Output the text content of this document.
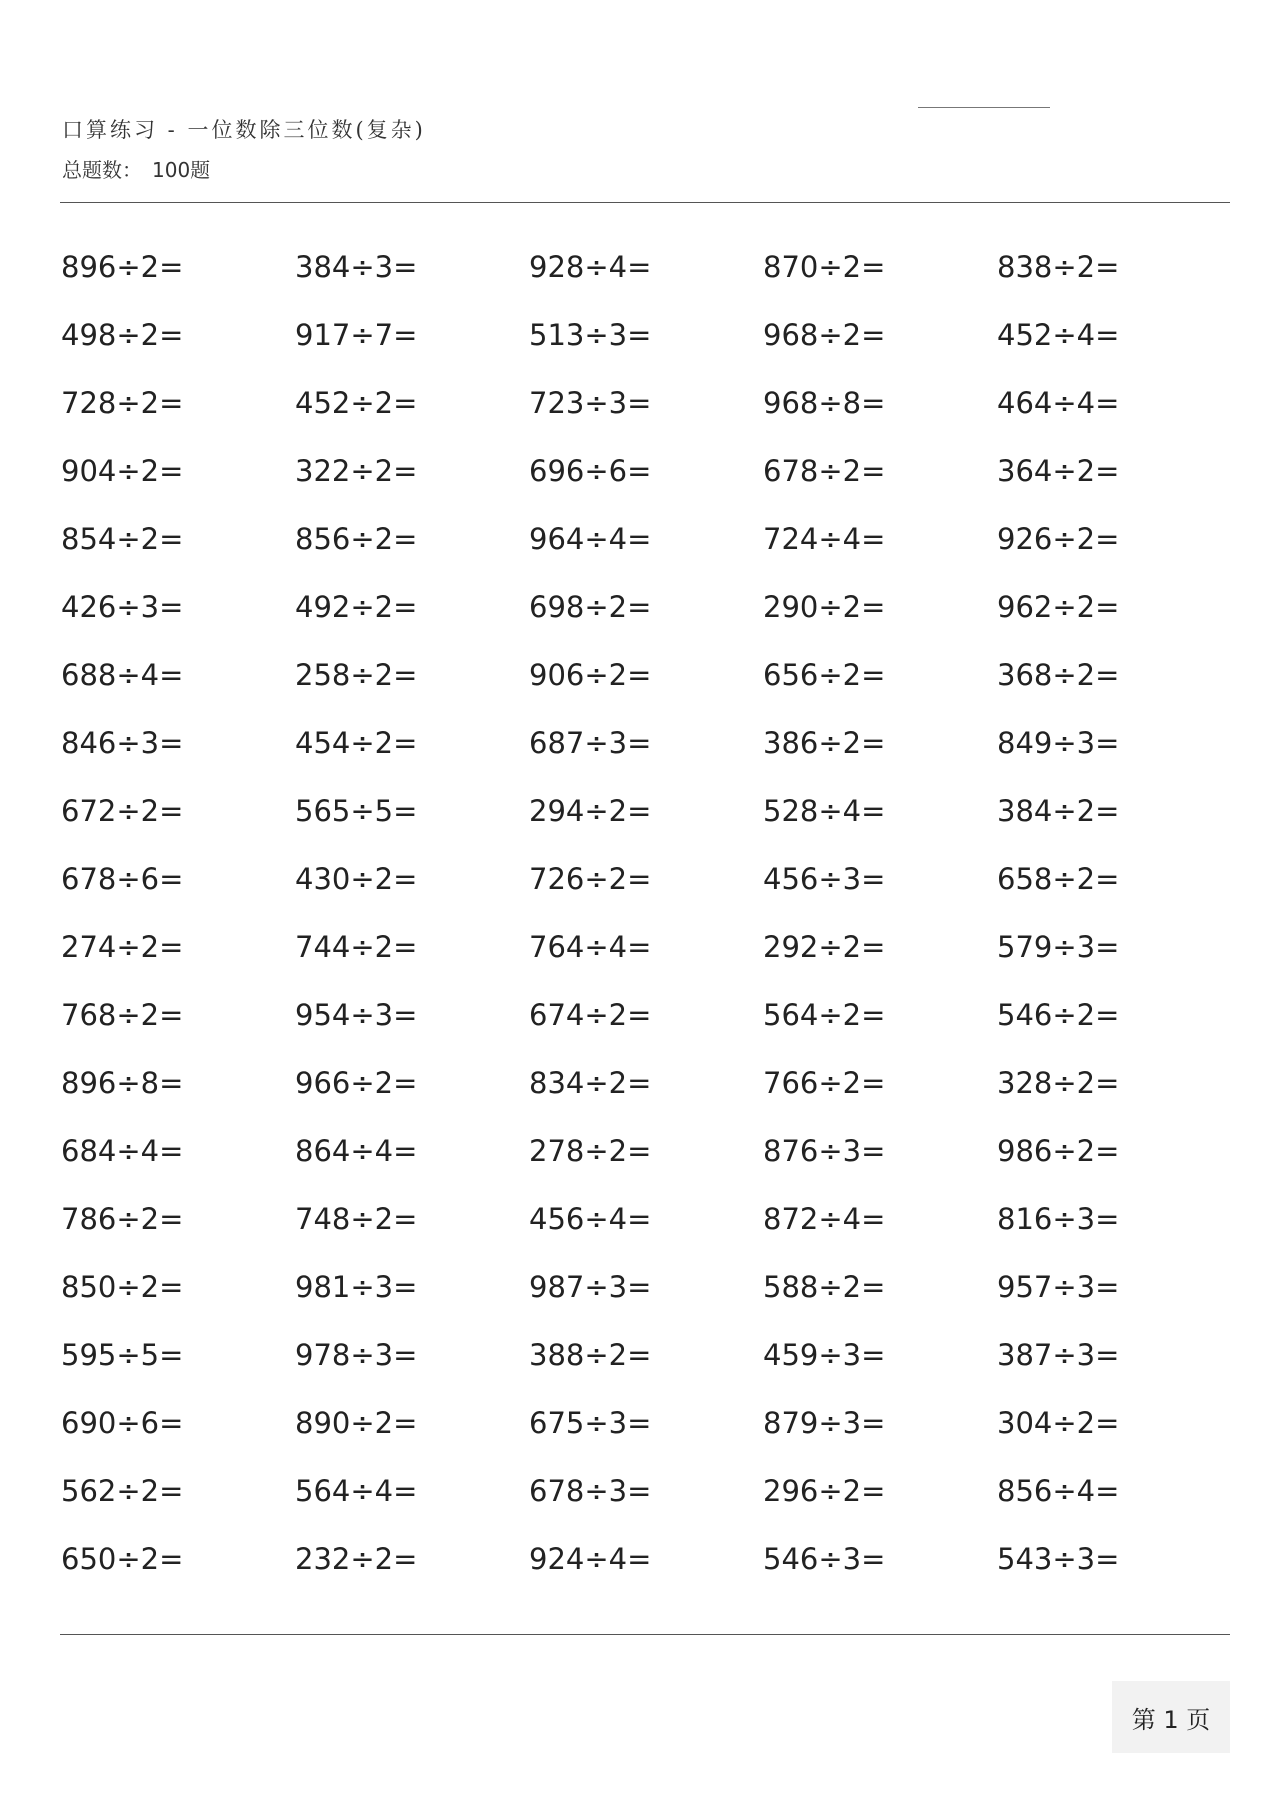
口算练习 - 一位数除三位数(复杂)
总题数： 100题
896÷2=	384÷3=	928÷4=	870÷2=	838÷2=
498÷2=	917÷7=	513÷3=	968÷2=	452÷4=
728÷2=	452÷2=	723÷3=	968÷8=	464÷4=
904÷2=	322÷2=	696÷6=	678÷2=	364÷2=
854÷2=	856÷2=	964÷4=	724÷4=	926÷2=
426÷3=	492÷2=	698÷2=	290÷2=	962÷2=
688÷4=	258÷2=	906÷2=	656÷2=	368÷2=
846÷3=	454÷2=	687÷3=	386÷2=	849÷3=
672÷2=	565÷5=	294÷2=	528÷4=	384÷2=
678÷6=	430÷2=	726÷2=	456÷3=	658÷2=
274÷2=	744÷2=	764÷4=	292÷2=	579÷3=
768÷2=	954÷3=	674÷2=	564÷2=	546÷2=
896÷8=	966÷2=	834÷2=	766÷2=	328÷2=
684÷4=	864÷4=	278÷2=	876÷3=	986÷2=
786÷2=	748÷2=	456÷4=	872÷4=	816÷3=
850÷2=	981÷3=	987÷3=	588÷2=	957÷3=
595÷5=	978÷3=	388÷2=	459÷3=	387÷3=
690÷6=	890÷2=	675÷3=	879÷3=	304÷2=
562÷2=	564÷4=	678÷3=	296÷2=	856÷4=
650÷2=	232÷2=	924÷4=	546÷3=	543÷3=
第 1 页
